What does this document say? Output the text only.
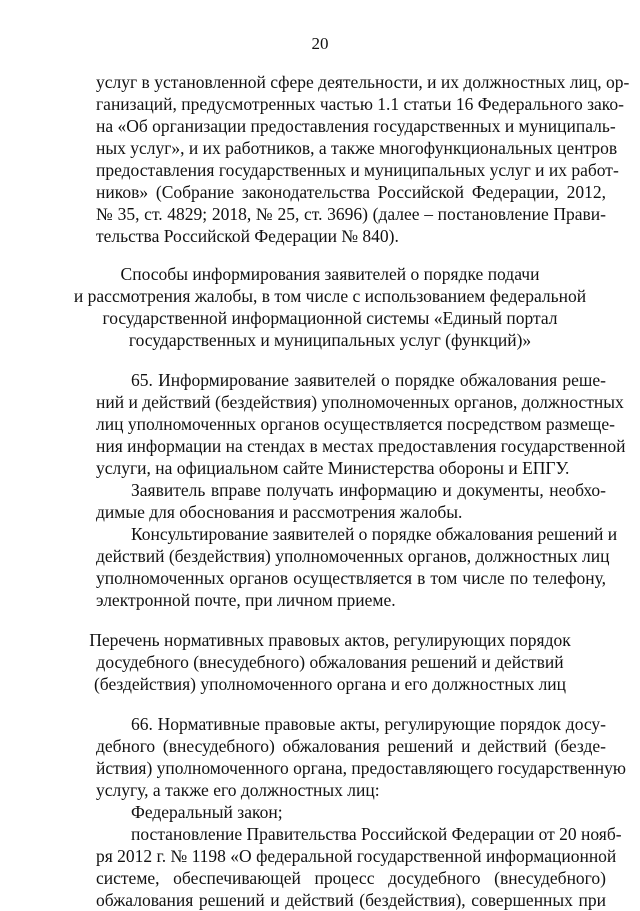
20
услуг в установленной сфере деятельности, и их должностных лиц, ор-
ганизаций, предусмотренных частью 1.1 статьи 16 Федерального зако-
на «Об организации предоставления государственных и муниципаль-
ных услуг», и их работников, а также многофункциональных центров
предоставления государственных и муниципальных услуг и их работ-
ников» (Собрание законодательства Российской Федерации, 2012,
№ 35, ст. 4829; 2018, № 25, ст. 3696) (далее – постановление Прави-
тельства Российской Федерации № 840).
Способы информирования заявителей о порядке подачи
и рассмотрения жалобы, в том числе с использованием федеральной
государственной информационной системы «Единый портал
государственных и муниципальных услуг (функций)»
65. Информирование заявителей о порядке обжалования реше-
ний и действий (бездействия) уполномоченных органов, должностных
лиц уполномоченных органов осуществляется посредством размеще-
ния информации на стендах в местах предоставления государственной
услуги, на официальном сайте Министерства обороны и ЕПГУ.
Заявитель вправе получать информацию и документы, необхо-
димые для обоснования и рассмотрения жалобы.
Консультирование заявителей о порядке обжалования решений и
действий (бездействия) уполномоченных органов, должностных лиц
уполномоченных органов осуществляется в том числе по телефону,
электронной почте, при личном приеме.
Перечень нормативных правовых актов, регулирующих порядок
досудебного (внесудебного) обжалования решений и действий
(бездействия) уполномоченного органа и его должностных лиц
66. Нормативные правовые акты, регулирующие порядок досу-
дебного (внесудебного) обжалования решений и действий (безде-
йствия) уполномоченного органа, предоставляющего государственную
услугу, а также его должностных лиц:
Федеральный закон;
постановление Правительства Российской Федерации от 20 нояб-
ря 2012 г. № 1198 «О федеральной государственной информационной
системе, обеспечивающей процесс досудебного (внесудебного)
обжалования решений и действий (бездействия), совершенных при
